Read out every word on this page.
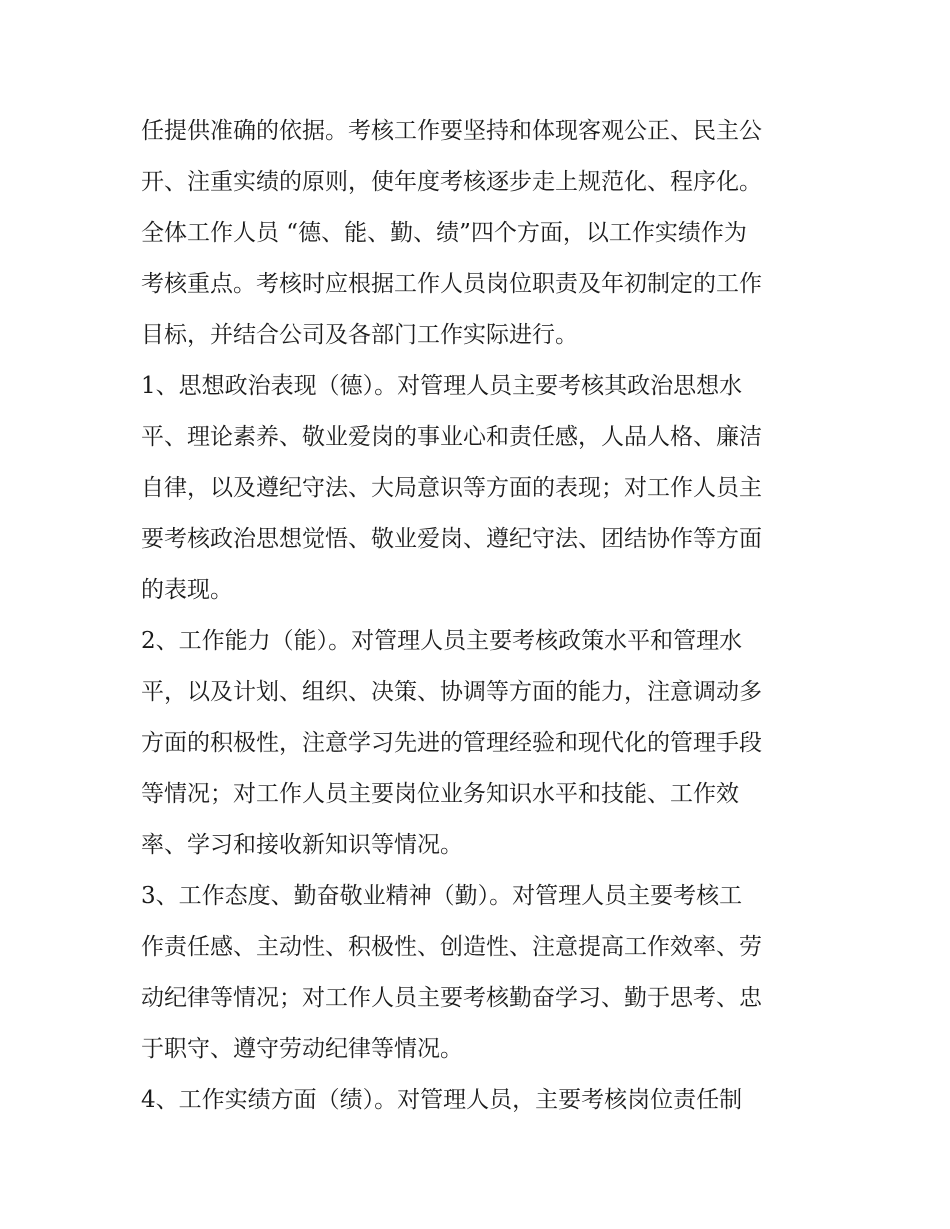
任提供准确的依据。考核工作要坚持和体现客观公正、民主公
开、注重实绩的原则，使年度考核逐步走上规范化、程序化。
全体工作人员 “德、能、勤、绩”四个方面，以工作实绩作为
考核重点。考核时应根据工作人员岗位职责及年初制定的工作
目标，并结合公司及各部门工作实际进行。
1、思想政治表现（德）。对管理人员主要考核其政治思想水
平、理论素养、敬业爱岗的事业心和责任感，人品人格、廉洁
自律，以及遵纪守法、大局意识等方面的表现；对工作人员主
要考核政治思想觉悟、敬业爱岗、遵纪守法、团结协作等方面
的表现。
2、工作能力（能）。对管理人员主要考核政策水平和管理水
平，以及计划、组织、决策、协调等方面的能力，注意调动多
方面的积极性，注意学习先进的管理经验和现代化的管理手段
等情况；对工作人员主要岗位业务知识水平和技能、工作效
率、学习和接收新知识等情况。
3、工作态度、勤奋敬业精神（勤）。对管理人员主要考核工
作责任感、主动性、积极性、创造性、注意提高工作效率、劳
动纪律等情况；对工作人员主要考核勤奋学习、勤于思考、忠
于职守、遵守劳动纪律等情况。
4、工作实绩方面（绩）。对管理人员，主要考核岗位责任制
